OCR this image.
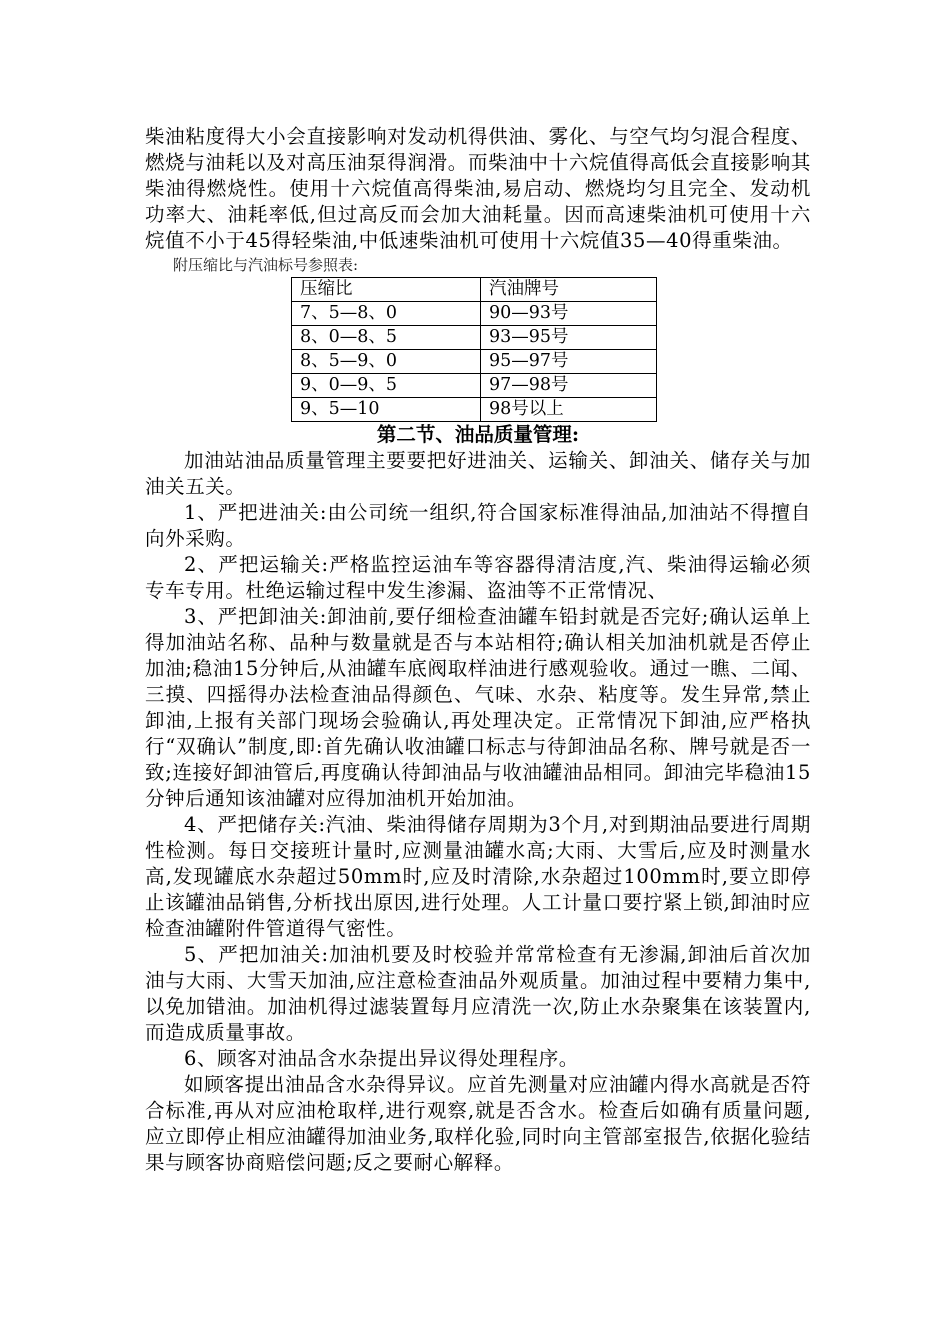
柴油粘度得大小会直接影响对发动机得供油、雾化、与空气均匀混合程度、燃烧与油耗以及对高压油泵得润滑。而柴油中十六烷值得高低会直接影响其柴油得燃烧性。使用十六烷值高得柴油,易启动、燃烧均匀且完全、发动机功率大、油耗率低,但过高反而会加大油耗量。因而高速柴油机可使用十六烷值不小于45得轻柴油,中低速柴油机可使用十六烷值35—40得重柴油。

附压缩比与汽油标号参照表:

压缩比	汽油牌号
7、5—8、0	90—93号
8、0—8、5	93—95号
8、5—9、0	95—97号
9、0—9、5	97—98号
9、5—10	98号以上

第二节、油品质量管理:

加油站油品质量管理主要要把好进油关、运输关、卸油关、储存关与加油关五关。

1、严把进油关:由公司统一组织,符合国家标准得油品,加油站不得擅自向外采购。

2、严把运输关:严格监控运油车等容器得清洁度,汽、柴油得运输必须专车专用。杜绝运输过程中发生渗漏、盗油等不正常情况、

3、严把卸油关:卸油前,要仔细检查油罐车铅封就是否完好;确认运单上得加油站名称、品种与数量就是否与本站相符;确认相关加油机就是否停止加油;稳油15分钟后,从油罐车底阀取样油进行感观验收。通过一瞧、二闻、三摸、四摇得办法检查油品得颜色、气味、水杂、粘度等。发生异常,禁止卸油,上报有关部门现场会验确认,再处理决定。正常情况下卸油,应严格执行“双确认”制度,即:首先确认收油罐口标志与待卸油品名称、牌号就是否一致;连接好卸油管后,再度确认待卸油品与收油罐油品相同。卸油完毕稳油15分钟后通知该油罐对应得加油机开始加油。

4、严把储存关:汽油、柴油得储存周期为3个月,对到期油品要进行周期性检测。每日交接班计量时,应测量油罐水高;大雨、大雪后,应及时测量水高,发现罐底水杂超过50mm时,应及时清除,水杂超过100mm时,要立即停止该罐油品销售,分析找出原因,进行处理。人工计量口要拧紧上锁,卸油时应检查油罐附件管道得气密性。

5、严把加油关:加油机要及时校验并常常检查有无渗漏,卸油后首次加油与大雨、大雪天加油,应注意检查油品外观质量。加油过程中要精力集中,以免加错油。加油机得过滤装置每月应清洗一次,防止水杂聚集在该装置内,而造成质量事故。

6、顾客对油品含水杂提出异议得处理程序。

如顾客提出油品含水杂得异议。应首先测量对应油罐内得水高就是否符合标准,再从对应油枪取样,进行观察,就是否含水。检查后如确有质量问题,应立即停止相应油罐得加油业务,取样化验,同时向主管部室报告,依据化验结果与顾客协商赔偿问题;反之要耐心解释。
